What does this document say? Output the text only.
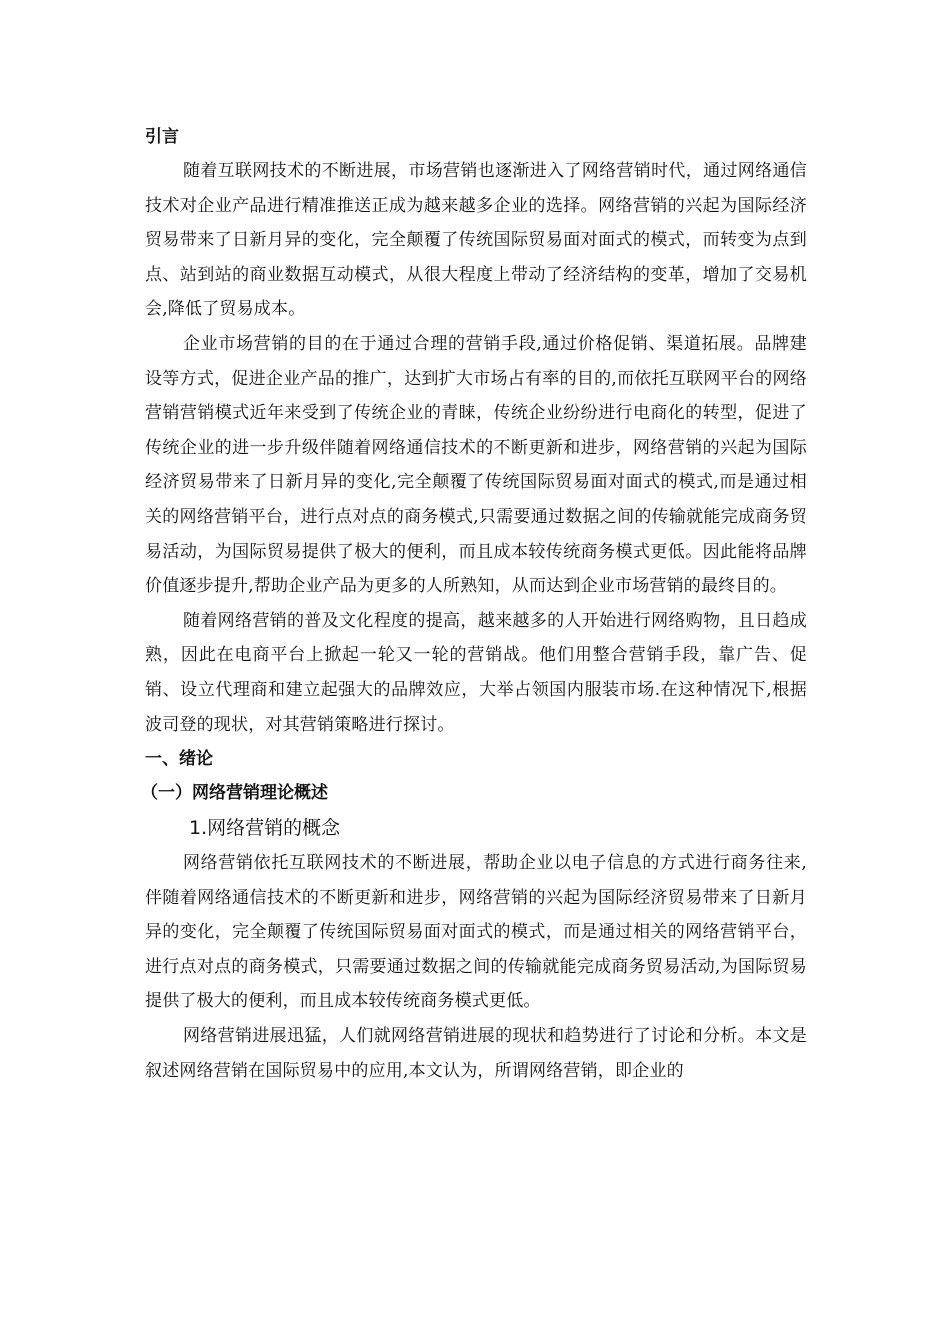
引言

随着互联网技术的不断进展，市场营销也逐渐进入了网络营销时代，通过网络通信技术对企业产品进行精准推送正成为越来越多企业的选择。网络营销的兴起为国际经济贸易带来了日新月异的变化，完全颠覆了传统国际贸易面对面式的模式，而转变为点到点、站到站的商业数据互动模式，从很大程度上带动了经济结构的变革，增加了交易机会,降低了贸易成本。

企业市场营销的目的在于通过合理的营销手段,通过价格促销、渠道拓展。品牌建设等方式，促进企业产品的推广，达到扩大市场占有率的目的,而依托互联网平台的网络营销营销模式近年来受到了传统企业的青睐，传统企业纷纷进行电商化的转型，促进了传统企业的进一步升级伴随着网络通信技术的不断更新和进步，网络营销的兴起为国际经济贸易带来了日新月异的变化,完全颠覆了传统国际贸易面对面式的模式,而是通过相关的网络营销平台，进行点对点的商务模式,只需要通过数据之间的传输就能完成商务贸易活动，为国际贸易提供了极大的便利，而且成本较传统商务模式更低。因此能将品牌价值逐步提升,帮助企业产品为更多的人所熟知，从而达到企业市场营销的最终目的。

随着网络营销的普及文化程度的提高，越来越多的人开始进行网络购物，且日趋成熟，因此在电商平台上掀起一轮又一轮的营销战。他们用整合营销手段，靠广告、促销、设立代理商和建立起强大的品牌效应，大举占领国内服装市场.在这种情况下,根据波司登的现状，对其营销策略进行探讨。

一、绪论

（一）网络营销理论概述

1.网络营销的概念

网络营销依托互联网技术的不断进展，帮助企业以电子信息的方式进行商务往来,伴随着网络通信技术的不断更新和进步，网络营销的兴起为国际经济贸易带来了日新月异的变化，完全颠覆了传统国际贸易面对面式的模式，而是通过相关的网络营销平台，进行点对点的商务模式，只需要通过数据之间的传输就能完成商务贸易活动,为国际贸易提供了极大的便利，而且成本较传统商务模式更低。

网络营销进展迅猛，人们就网络营销进展的现状和趋势进行了讨论和分析。本文是叙述网络营销在国际贸易中的应用,本文认为，所谓网络营销，即企业的
